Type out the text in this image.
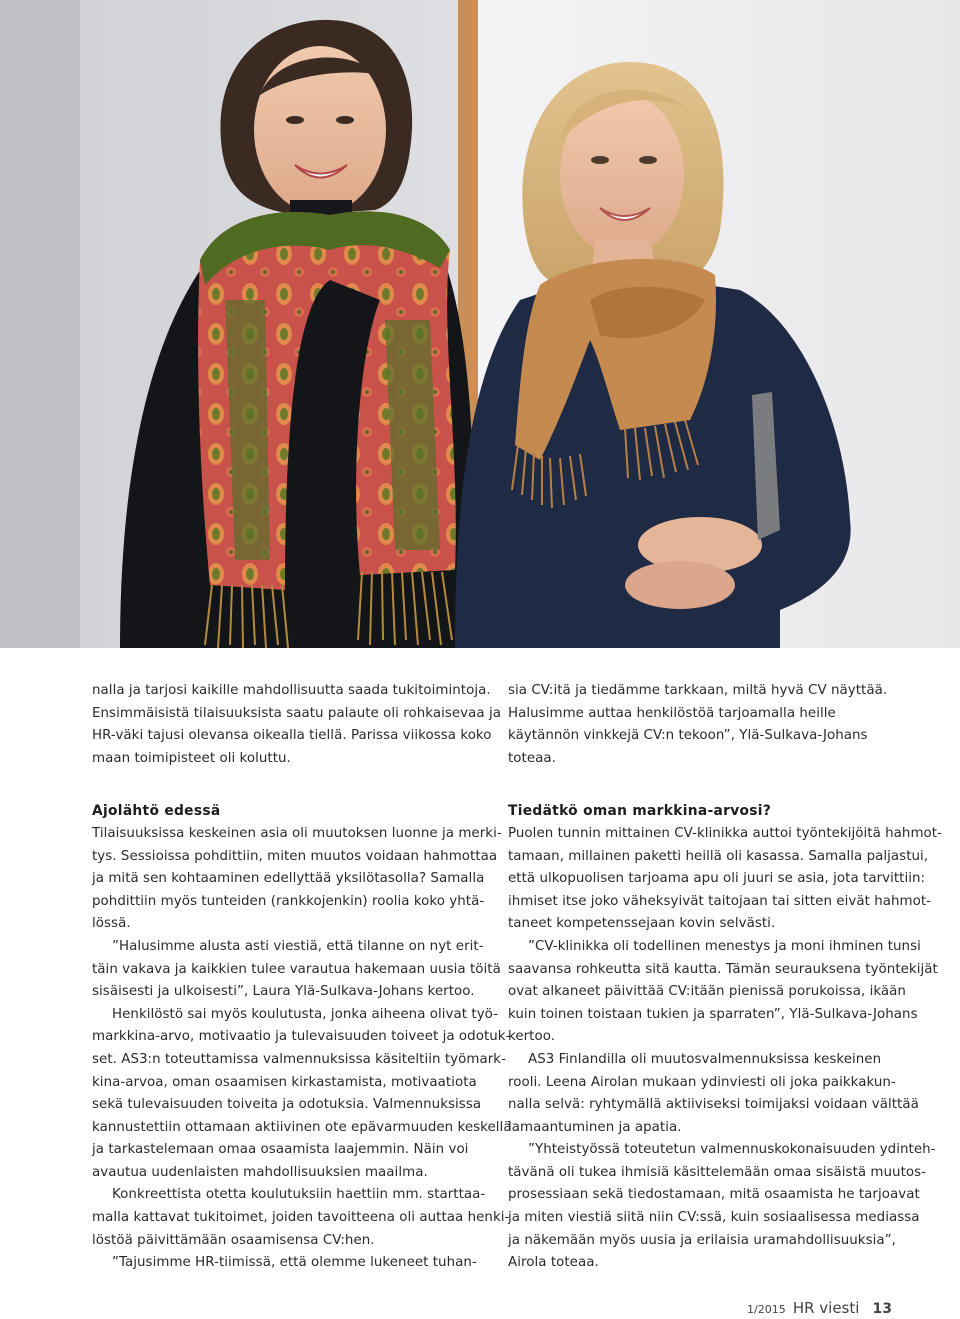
nalla ja tarjosi kaikille mahdollisuutta saada tukitoimintoja.
Ensimmäisistä tilaisuuksista saatu palaute oli rohkaisevaa ja
HR-väki tajusi olevansa oikealla tiellä. Parissa viikossa koko
maan toimipisteet oli koluttu.

Ajolähtö edessä

Tilaisuuksissa keskeinen asia oli muutoksen luonne ja merki-
tys. Sessioissa pohdittiin, miten muutos voidaan hahmottaa
ja mitä sen kohtaaminen edellyttää yksilötasolla? Samalla
pohdittiin myös tunteiden (rankkojenkin) roolia koko yhtä-
lössä.

”Halusimme alusta asti viestiä, että tilanne on nyt erit-
täin vakava ja kaikkien tulee varautua hakemaan uusia töitä
sisäisesti ja ulkoisesti”, Laura Ylä-Sulkava-Johans kertoo.

Henkilöstö sai myös koulutusta, jonka aiheena olivat työ-
markkina-arvo, motivaatio ja tulevaisuuden toiveet ja odotuk-
set. AS3:n toteuttamissa valmennuksissa käsiteltiin työmark-
kina-arvoa, oman osaamisen kirkastamista, motivaatiota
sekä tulevaisuuden toiveita ja odotuksia. Valmennuksissa
kannustettiin ottamaan aktiivinen ote epävarmuuden keskellä
ja tarkastelemaan omaa osaamista laajemmin. Näin voi
avautua uudenlaisten mahdollisuuksien maailma.

Konkreettista otetta koulutuksiin haettiin mm. starttaa-
malla kattavat tukitoimet, joiden tavoitteena oli auttaa henki-
löstöä päivittämään osaamisensa CV:hen.

”Tajusimme HR-tiimissä, että olemme lukeneet tuhan-

sia CV:itä ja tiedämme tarkkaan, miltä hyvä CV näyttää.
Halusimme auttaa henkilöstöä tarjoamalla heille
käytännön vinkkejä CV:n tekoon”, Ylä-Sulkava-Johans
toteaa.

Tiedätkö oman markkina-arvosi?

Puolen tunnin mittainen CV-klinikka auttoi työntekijöitä hahmot-
tamaan, millainen paketti heillä oli kasassa. Samalla paljastui,
että ulkopuolisen tarjoama apu oli juuri se asia, jota tarvittiin:
ihmiset itse joko väheksyivät taitojaan tai sitten eivät hahmot-
taneet kompetenssejaan kovin selvästi.

”CV-klinikka oli todellinen menestys ja moni ihminen tunsi
saavansa rohkeutta sitä kautta. Tämän seurauksena työntekijät
ovat alkaneet päivittää CV:itään pienissä porukoissa, ikään
kuin toinen toistaan tukien ja sparraten”, Ylä-Sulkava-Johans
kertoo.

AS3 Finlandilla oli muutosvalmennuksissa keskeinen
rooli. Leena Airolan mukaan ydinviesti oli joka paikkakun-
nalla selvä: ryhtymällä aktiiviseksi toimijaksi voidaan välttää
lamaantuminen ja apatia.

”Yhteistyössä toteutetun valmennuskokonaisuuden ydinteh-
tävänä oli tukea ihmisiä käsittelemään omaa sisäistä muutos-
prosessiaan sekä tiedostamaan, mitä osaamista he tarjoavat
ja miten viestiä siitä niin CV:ssä, kuin sosiaalisessa mediassa
ja näkemään myös uusia ja erilaisia uramahdollisuuksia”,
Airola toteaa.

1/2015 HR viesti 13
